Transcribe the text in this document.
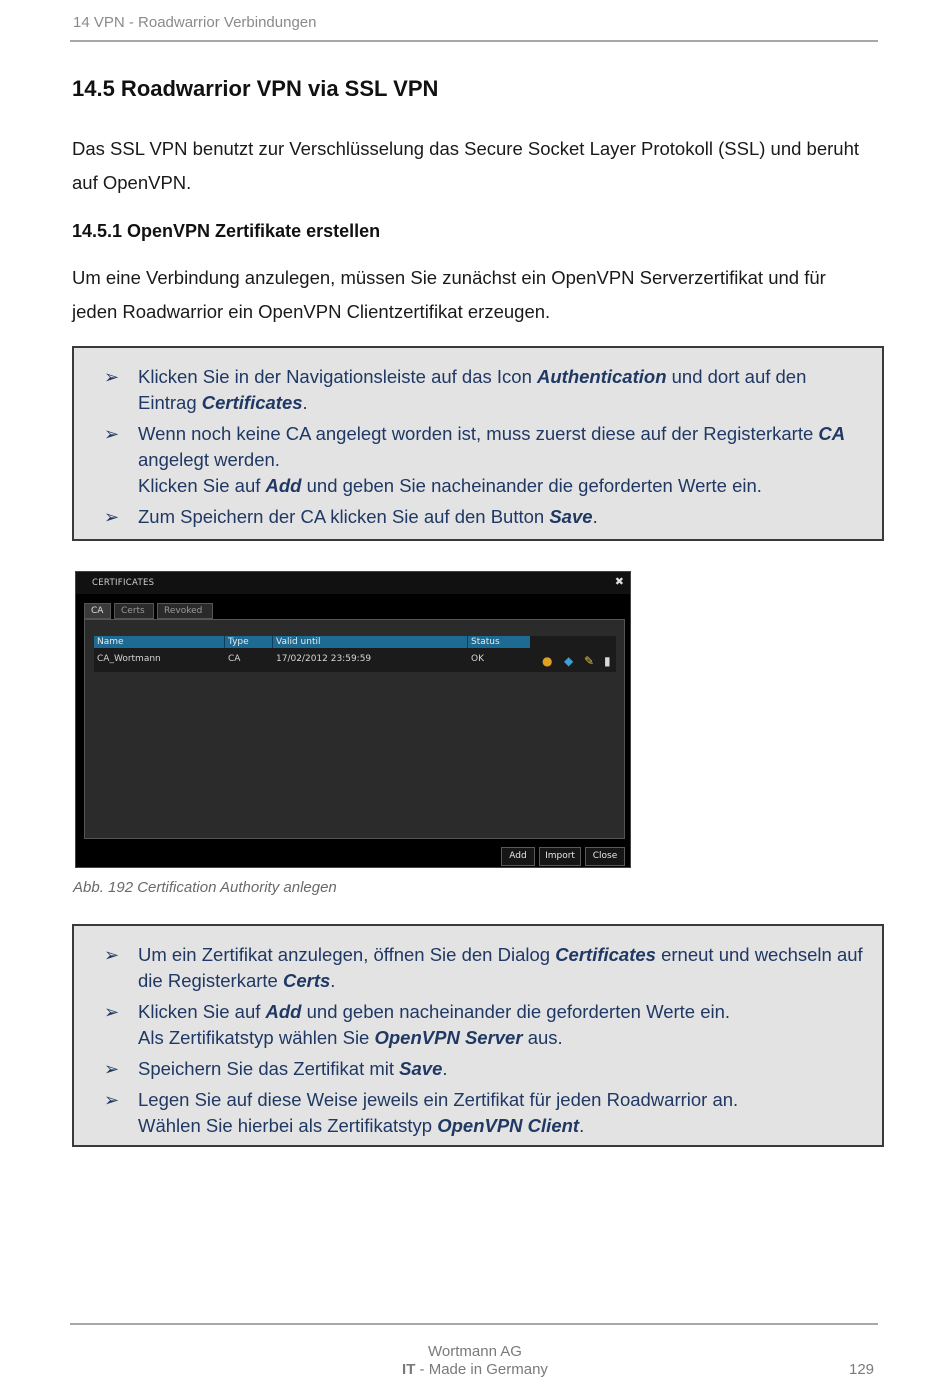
14 VPN - Roadwarrior Verbindungen
14.5 Roadwarrior VPN via SSL VPN

Das SSL VPN benutzt zur Verschlüsselung das Secure Socket Layer Protokoll (SSL) und beruht auf OpenVPN.

14.5.1 OpenVPN Zertifikate erstellen

Um eine Verbindung anzulegen, müssen Sie zunächst ein OpenVPN Serverzertifikat und für jeden Roadwarrior ein OpenVPN Clientzertifikat erzeugen.

➢ Klicken Sie in der Navigationsleiste auf das Icon Authentication und dort auf den Eintrag Certificates.
➢ Wenn noch keine CA angelegt worden ist, muss zuerst diese auf der Registerkarte CA angelegt werden.
Klicken Sie auf Add und geben Sie nacheinander die geforderten Werte ein.
➢ Zum Speichern der CA klicken Sie auf den Button Save.
CERTIFICATES	✖
CA	Certs	Revoked
Name	Type	Valid until	Status
CA_Wortmann	CA	17/02/2012 23:59:59	OK	● ◆ ✎ ▮
Add	Import	Close
Abb. 192 Certification Authority anlegen
➢ Um ein Zertifikat anzulegen, öffnen Sie den Dialog Certificates erneut und wechseln auf die Registerkarte Certs.
➢ Klicken Sie auf Add und geben nacheinander die geforderten Werte ein.
Als Zertifikatstyp wählen Sie OpenVPN Server aus.
➢ Speichern Sie das Zertifikat mit Save.
➢ Legen Sie auf diese Weise jeweils ein Zertifikat für jeden Roadwarrior an.
Wählen Sie hierbei als Zertifikatstyp OpenVPN Client.
Wortmann AG
IT - Made in Germany	129
